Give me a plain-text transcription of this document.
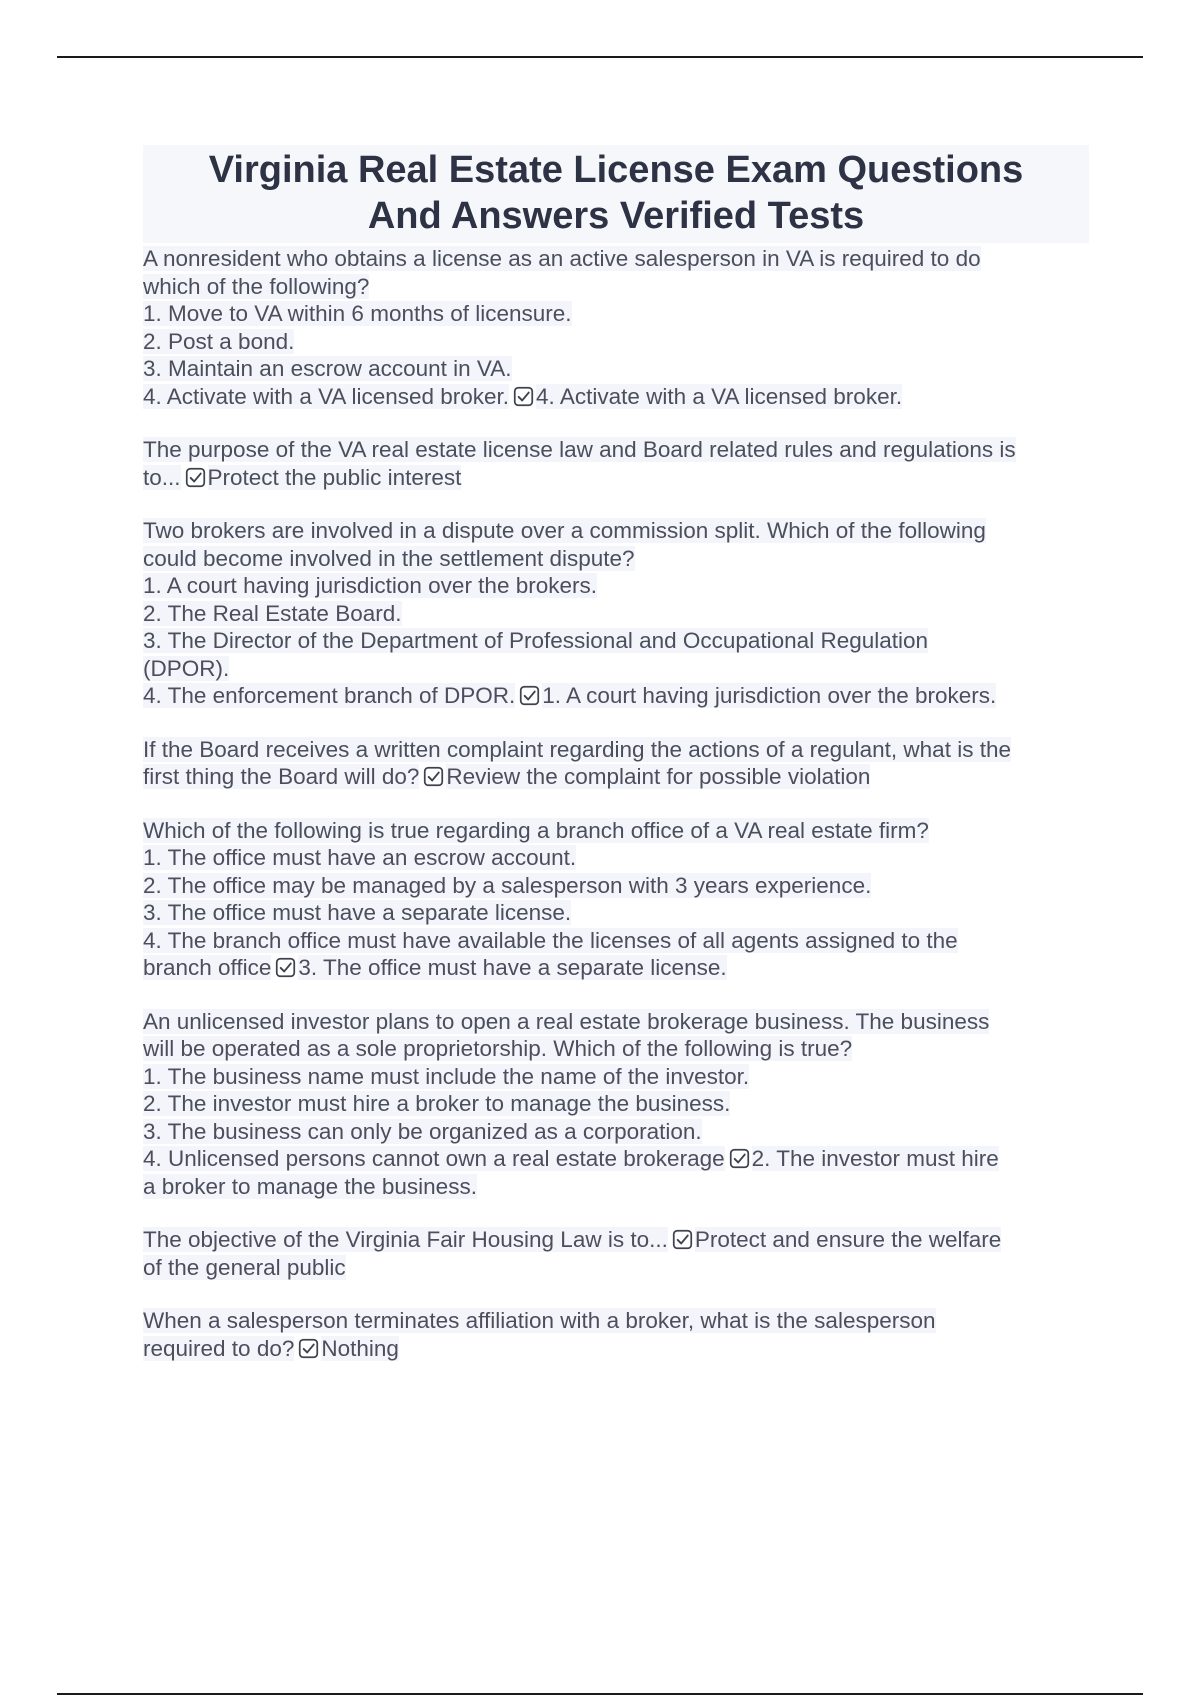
Virginia Real Estate License Exam Questions
And Answers Verified Tests
A nonresident who obtains a license as an active salesperson in VA is required to do
which of the following?
1. Move to VA within 6 months of licensure.
2. Post a bond.
3. Maintain an escrow account in VA.
4. Activate with a VA licensed broker. 4. Activate with a VA licensed broker.
The purpose of the VA real estate license law and Board related rules and regulations is
to... Protect the public interest
Two brokers are involved in a dispute over a commission split. Which of the following
could become involved in the settlement dispute?
1. A court having jurisdiction over the brokers.
2. The Real Estate Board.
3. The Director of the Department of Professional and Occupational Regulation
(DPOR).
4. The enforcement branch of DPOR. 1. A court having jurisdiction over the brokers.
If the Board receives a written complaint regarding the actions of a regulant, what is the
first thing the Board will do? Review the complaint for possible violation
Which of the following is true regarding a branch office of a VA real estate firm?
1. The office must have an escrow account.
2. The office may be managed by a salesperson with 3 years experience.
3. The office must have a separate license.
4. The branch office must have available the licenses of all agents assigned to the
branch office 3. The office must have a separate license.
An unlicensed investor plans to open a real estate brokerage business. The business
will be operated as a sole proprietorship. Which of the following is true?
1. The business name must include the name of the investor.
2. The investor must hire a broker to manage the business.
3. The business can only be organized as a corporation.
4. Unlicensed persons cannot own a real estate brokerage 2. The investor must hire
a broker to manage the business.
The objective of the Virginia Fair Housing Law is to... Protect and ensure the welfare
of the general public
When a salesperson terminates affiliation with a broker, what is the salesperson
required to do? Nothing
